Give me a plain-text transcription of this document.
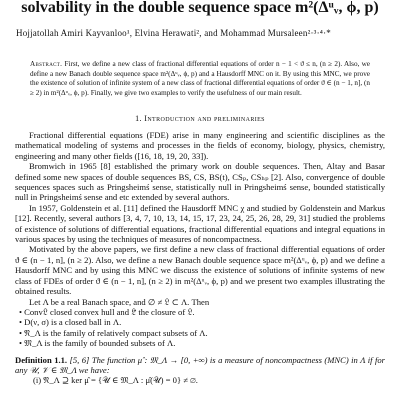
solvability in the double sequence space m²(Δᵘᵥ, ϕ, p)
Hojjatollah Amiri Kayvanloo¹, Elvina Herawati², and Mohammad Mursaleen²·³·⁴·*
Abstract. First, we define a new class of fractional differential equations of order n − 1 < ϑ ≤ n, (n ≥ 2). Also, we define a new Banach double sequence space m²(Δᵘᵥ, ϕ, p) and a Hausdorff MNC on it. By using this MNC, we prove the existence of solution of infinite system of a new class of fractional differential equations of order ϑ ∈ (n − 1, n], (n ≥ 2) in m²(Δᵘᵥ, ϕ, p). Finally, we give two examples to verify the usefulness of our main result.
1. Introduction and preliminaries

Fractional differential equations (FDE) arise in many engineering and scientific disciplines as the mathematical modeling of systems and processes in the fields of economy, biology, physics, chemistry, engineering and many other fields ([16, 18, 19, 20, 33]).

Bromwich in 1965 [8] established the primary work on double sequences. Then, Altay and Basar defined some new spaces of double sequences BS, CS, BS(t), CSₚ, CSₕₚ [2]. Also, convergence of double sequences spaces such as Pringsheimś sense, statistically null in Pringsheimś sense, bounded statistically null in Pringsheimś sense and etc extended by several authors.

In 1957, Goldenstein et al. [11] defined the Hausdorff MNC χ and studied by Goldenstein and Markus [12]. Recently, several authors [3, 4, 7, 10, 13, 14, 15, 17, 23, 24, 25, 26, 28, 29, 31] studied the problems of existence of solutions of differential equations, fractional differential equations and integral equations in various spaces by using the techniques of measures of noncompactness.

Motivated by the above papers, we first define a new class of fractional differential equations of order ϑ ∈ (n − 1, n], (n ≥ 2). Also, we define a new Banach double sequence space m²(Δᵘᵥ, ϕ, p) and we define a Hausdorff MNC and by using this MNC we discuss the existence of solutions of infinite systems of new class of FDEs of order ϑ ∈ (n − 1, n], (n ≥ 2) in m²(Δᵘᵥ, ϕ, p) and we present two examples illustrating the obtained results.

Let Λ be a real Banach space, and ∅ ≠ 𝔏 ⊂ Λ. Then

• Conv𝔏 closed convex hull and 𝔏̄ the closure of 𝔏.
• D(ν, σ) is a closed ball in Λ.
• 𝔑_Λ is the family of relatively compact subsets of Λ.
• 𝔐_Λ is the family of bounded subsets of Λ.

Definition 1.1. [5, 6] The function μ̂ : 𝔐_Λ → [0, +∞) is a measure of noncompactness (MNC) in Λ if for any 𝒰, 𝒱 ∈ 𝔐_Λ we have:

(i) 𝔑_Λ ⊇ ker μ̂ = {𝒰 ∈ 𝔐_Λ : μ̂(𝒰) = 0} ≠ ∅.
